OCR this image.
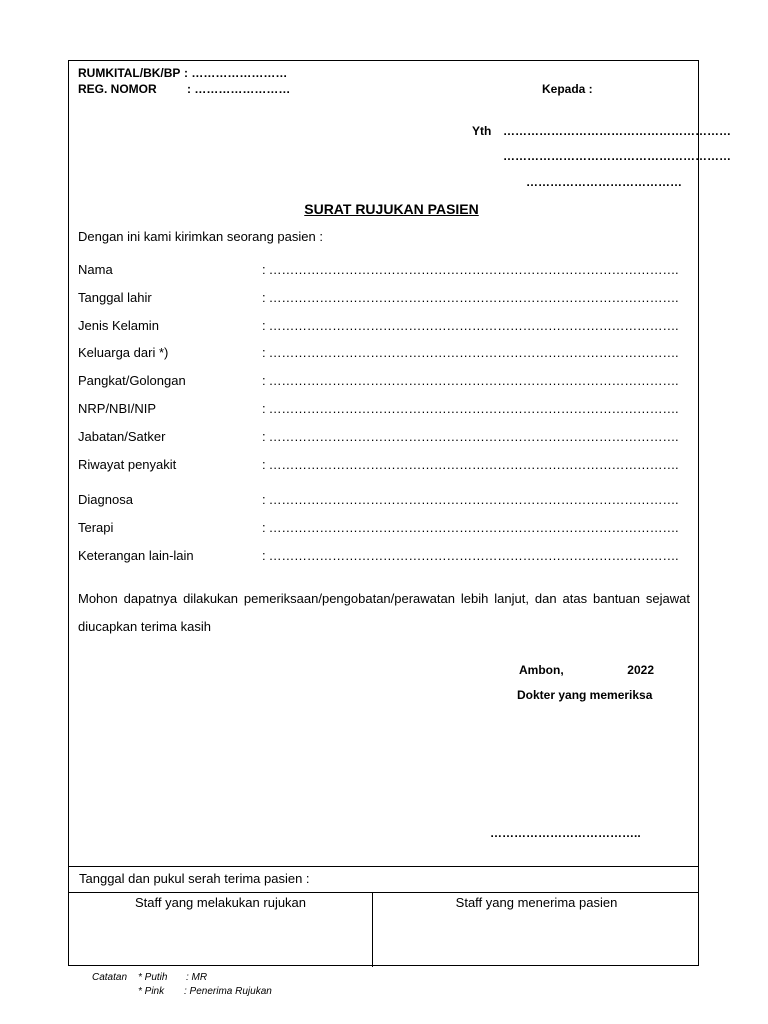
RUMKITAL/BK/BP : ……………………
REG. NOMOR	: ……………………	Kepada :
Yth …………………………………………………
…………………………………………………
…………………………………
SURAT RUJUKAN PASIEN
Dengan ini kami kirimkan seorang pasien :
Nama	: …………………………………………………………………………………….
Tanggal lahir	: …………………………………………………………………………………….
Jenis Kelamin	: …………………………………………………………………………………….
Keluarga dari *)	: …………………………………………………………………………………….
Pangkat/Golongan	: …………………………………………………………………………………….
NRP/NBI/NIP	: …………………………………………………………………………………….
Jabatan/Satker	: …………………………………………………………………………………….
Riwayat penyakit	: …………………………………………………………………………………….
Diagnosa	: …………………………………………………………………………………….
Terapi	: …………………………………………………………………………………….
Keterangan lain-lain	: …………………………………………………………………………………….
Mohon dapatnya dilakukan pemeriksaan/pengobatan/perawatan lebih lanjut, dan atas bantuan sejawat diucapkan terima kasih
Ambon,	2022
Dokter yang memeriksa
………………………………..
Tanggal dan pukul serah terima pasien :
Staff yang melakukan rujukan	Staff yang menerima pasien
Catatan * Putih : MR
* Pink : Penerima Rujukan
